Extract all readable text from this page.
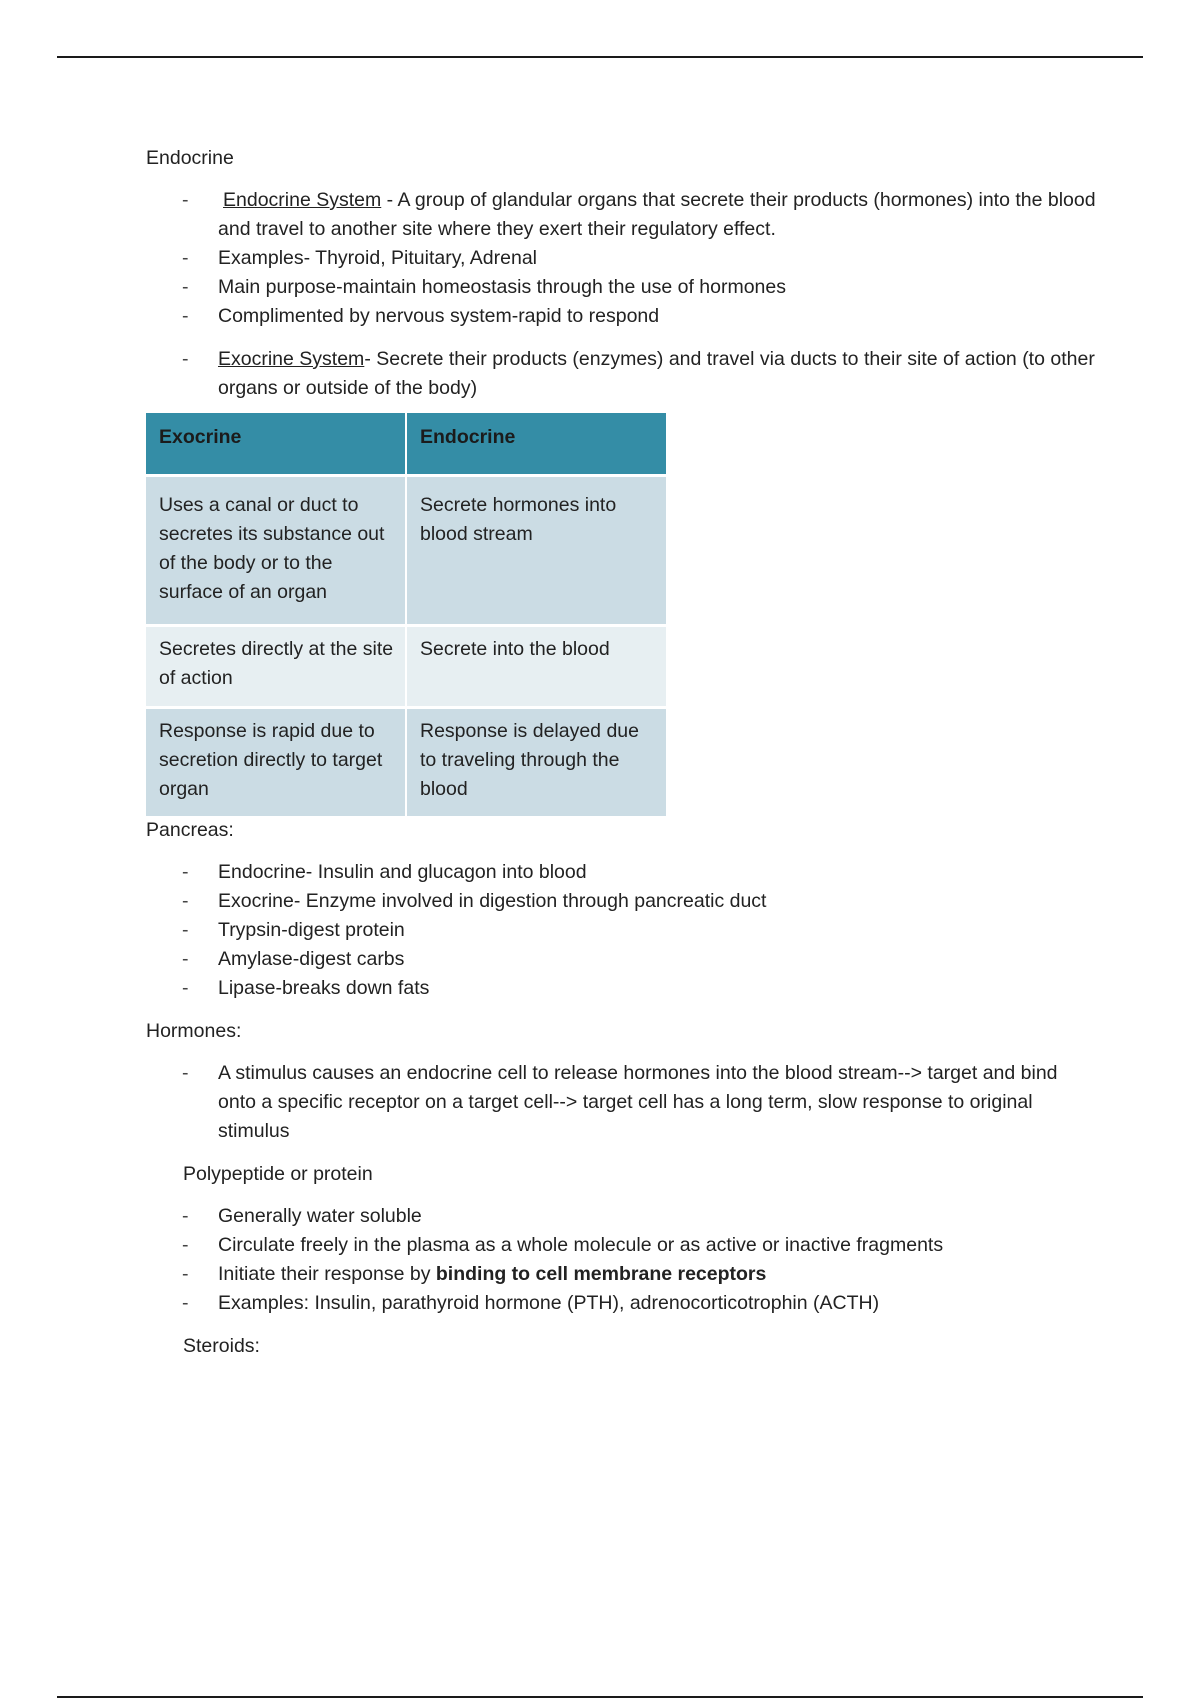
Endocrine

- Endocrine System - A group of glandular organs that secrete their products (hormones) into the blood and travel to another site where they exert their regulatory effect.
- Examples- Thyroid, Pituitary, Adrenal
- Main purpose-maintain homeostasis through the use of hormones
- Complimented by nervous system-rapid to respond
- Exocrine System- Secrete their products (enzymes) and travel via ducts to their site of action (to other organs or outside of the body)
Exocrine	Endocrine
Uses a canal or duct to secretes its substance out of the body or to the surface of an organ	Secrete hormones into blood stream
Secretes directly at the site of action	Secrete into the blood
Response is rapid due to secretion directly to target organ	Response is delayed due to traveling through the blood

Pancreas:

- Endocrine- Insulin and glucagon into blood
- Exocrine- Enzyme involved in digestion through pancreatic duct
- Trypsin-digest protein
- Amylase-digest carbs
- Lipase-breaks down fats

Hormones:

- A stimulus causes an endocrine cell to release hormones into the blood stream--> target and bind onto a specific receptor on a target cell--> target cell has a long term, slow response to original stimulus

Polypeptide or protein

- Generally water soluble
- Circulate freely in the plasma as a whole molecule or as active or inactive fragments
- Initiate their response by binding to cell membrane receptors
- Examples: Insulin, parathyroid hormone (PTH), adrenocorticotrophin (ACTH)

Steroids:
